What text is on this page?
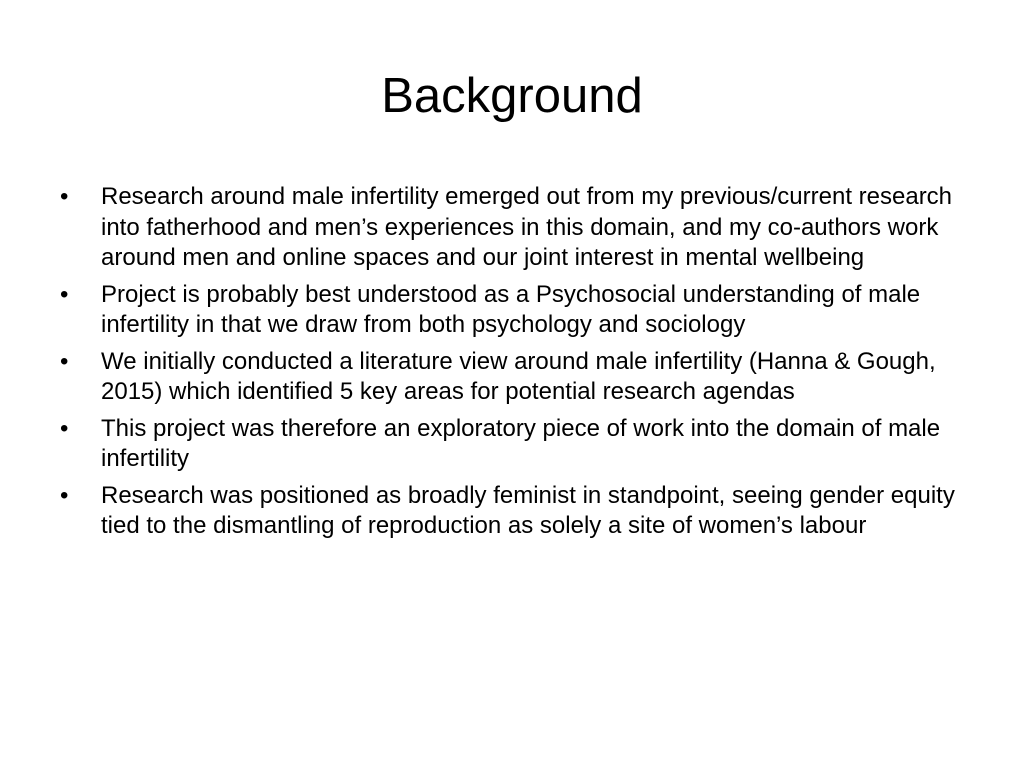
Background
•	Research around male infertility emerged out from my previous/current research into fatherhood and men’s experiences in this domain, and my co-authors work around men and online spaces and our joint interest in mental wellbeing
•	Project is probably best understood as a Psychosocial understanding of male infertility in that we draw from both psychology and sociology
•	We initially conducted a literature view around male infertility (Hanna & Gough, 2015) which identified 5 key areas for potential research agendas
•	This project was therefore an exploratory piece of work into the domain of male infertility
•	Research was positioned as broadly feminist in standpoint, seeing gender equity tied to the dismantling of reproduction as solely a site of women’s labour
